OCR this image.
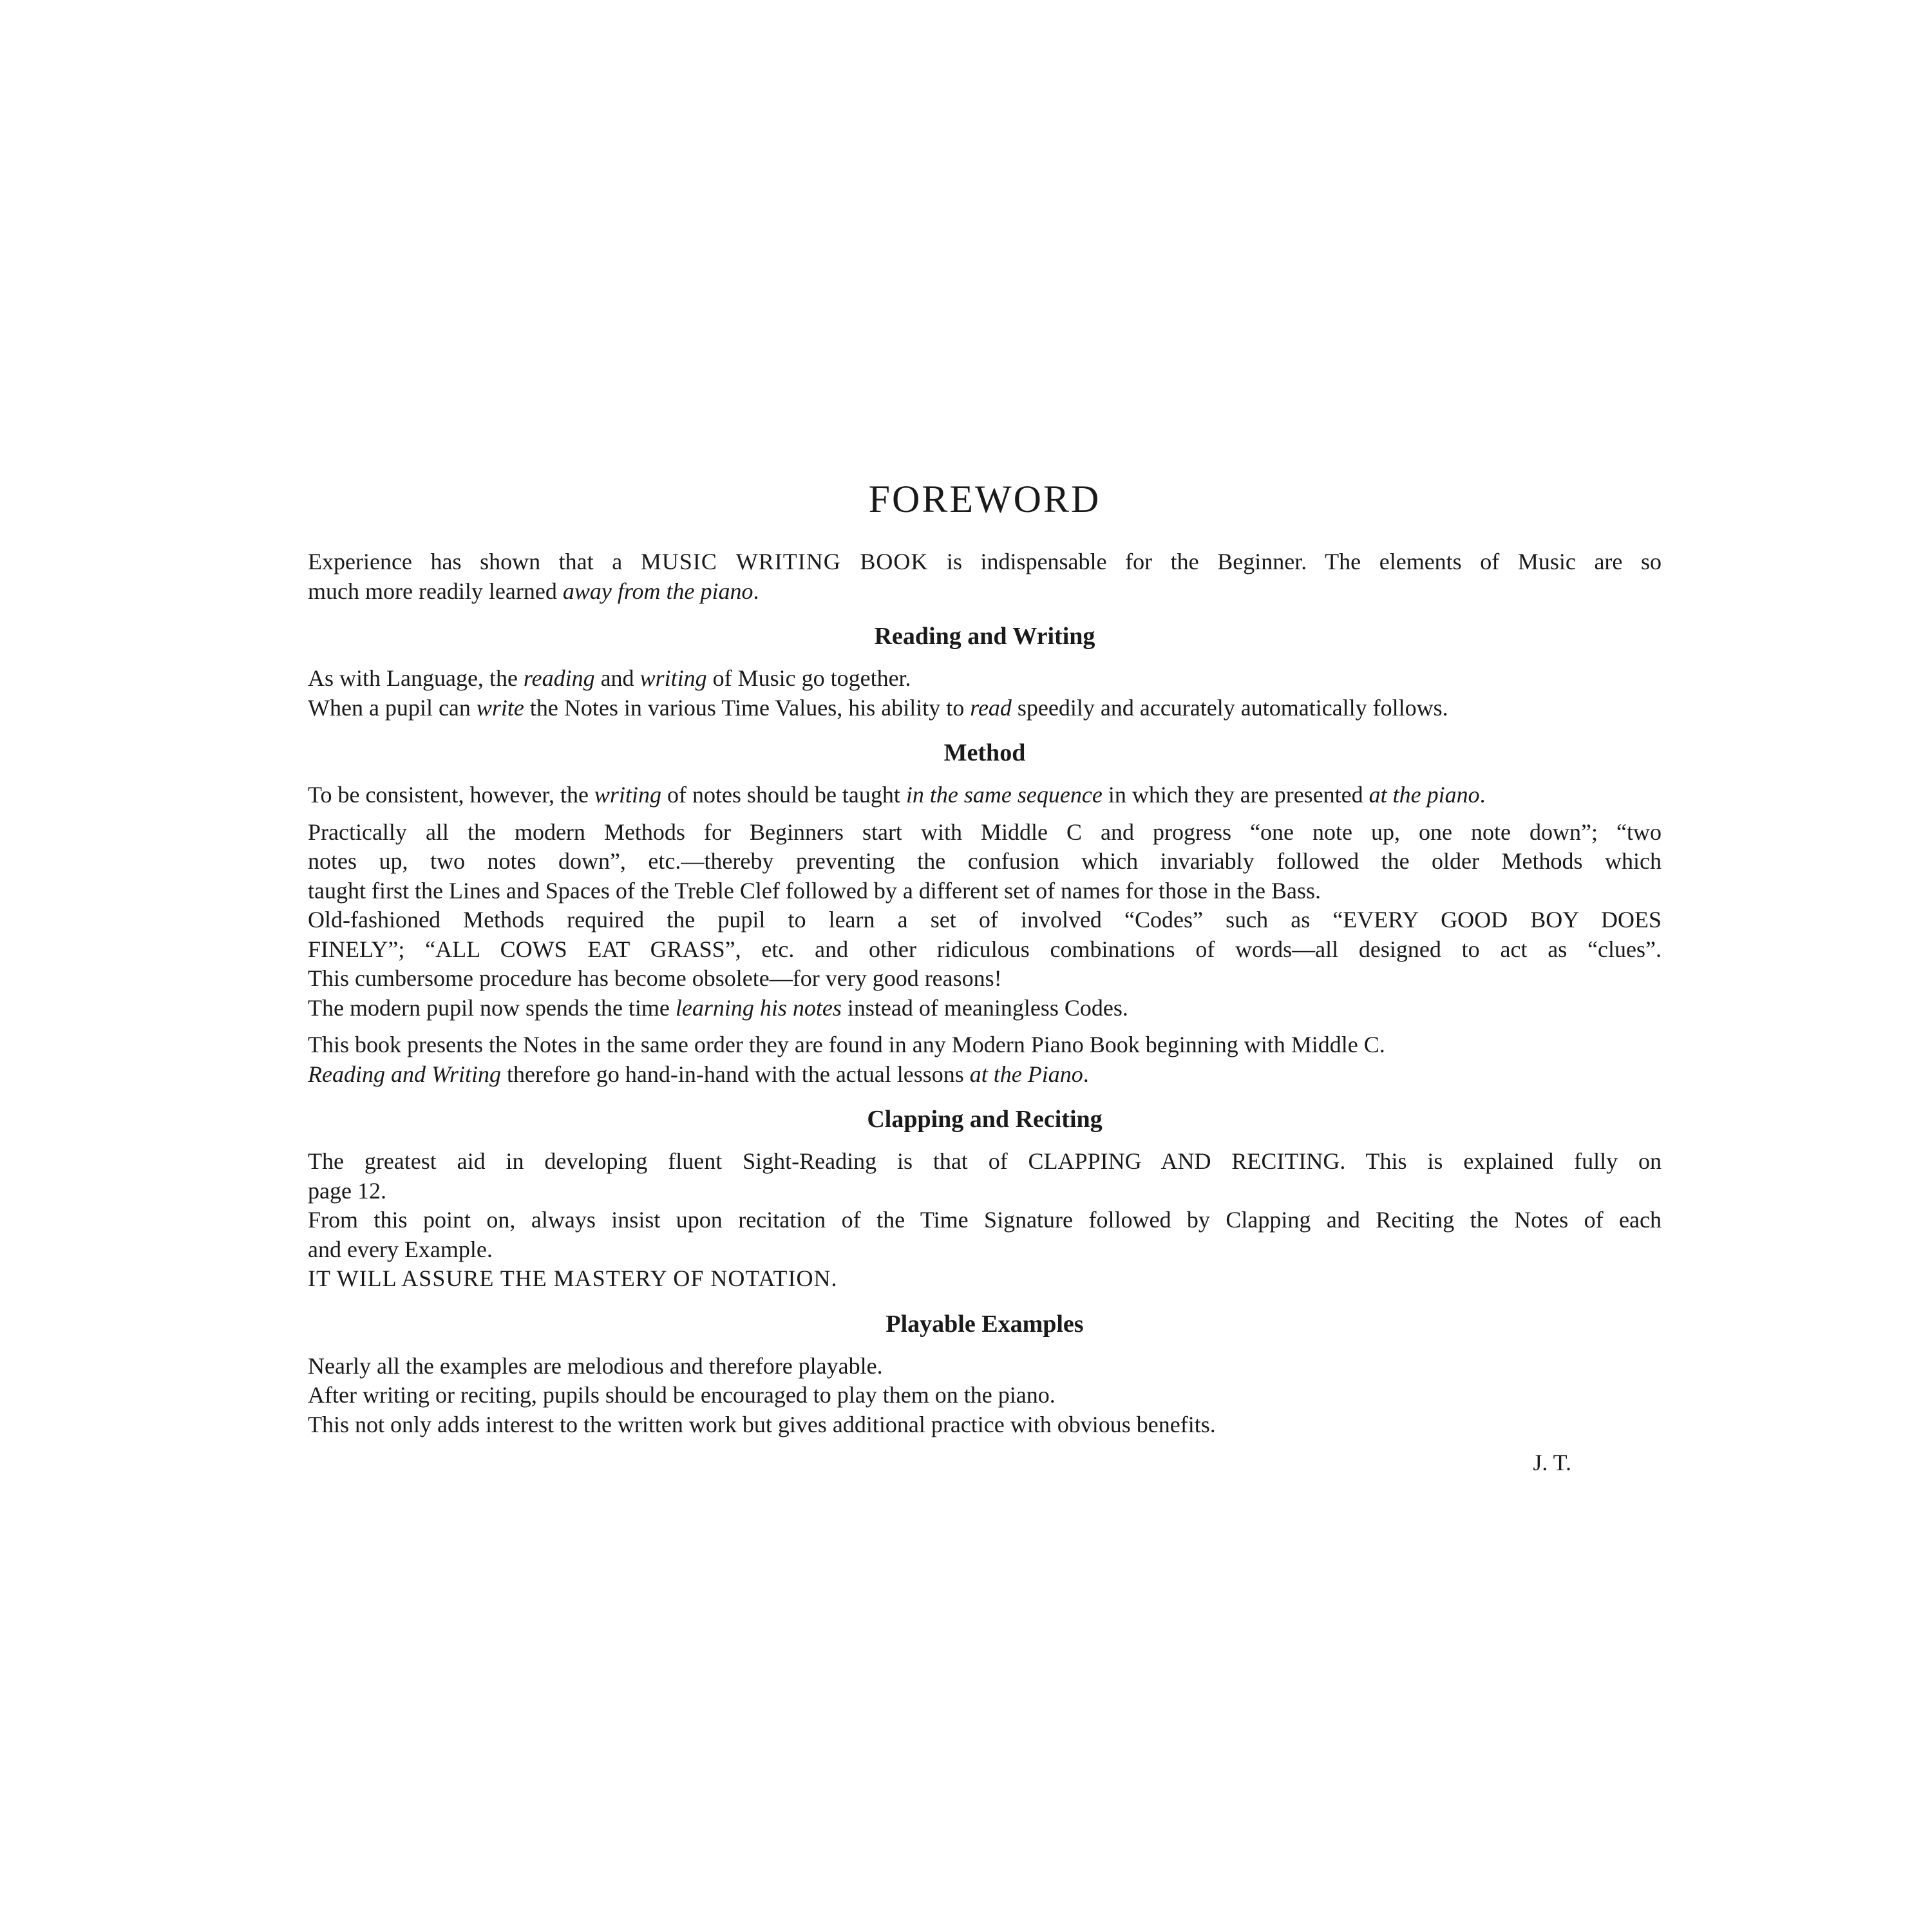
FOREWORD
Experience has shown that a MUSIC WRITING BOOK is indispensable for the Beginner. The elements of Music are so
much more readily learned away from the piano.
Reading and Writing
As with Language, the reading and writing of Music go together.
When a pupil can write the Notes in various Time Values, his ability to read speedily and accurately automatically follows.
Method
To be consistent, however, the writing of notes should be taught in the same sequence in which they are presented at the piano.
Practically all the modern Methods for Beginners start with Middle C and progress “one note up, one note down”; “two
notes up, two notes down”, etc.—thereby preventing the confusion which invariably followed the older Methods which
taught first the Lines and Spaces of the Treble Clef followed by a different set of names for those in the Bass.
Old-fashioned Methods required the pupil to learn a set of involved “Codes” such as “EVERY GOOD BOY DOES
FINELY”; “ALL COWS EAT GRASS”, etc. and other ridiculous combinations of words—all designed to act as “clues”.
This cumbersome procedure has become obsolete—for very good reasons!
The modern pupil now spends the time learning his notes instead of meaningless Codes.
This book presents the Notes in the same order they are found in any Modern Piano Book beginning with Middle C.
Reading and Writing therefore go hand-in-hand with the actual lessons at the Piano.
Clapping and Reciting
The greatest aid in developing fluent Sight-Reading is that of CLAPPING AND RECITING. This is explained fully on
page 12.
From this point on, always insist upon recitation of the Time Signature followed by Clapping and Reciting the Notes of each
and every Example.
IT WILL ASSURE THE MASTERY OF NOTATION.
Playable Examples
Nearly all the examples are melodious and therefore playable.
After writing or reciting, pupils should be encouraged to play them on the piano.
This not only adds interest to the written work but gives additional practice with obvious benefits.
J. T.
